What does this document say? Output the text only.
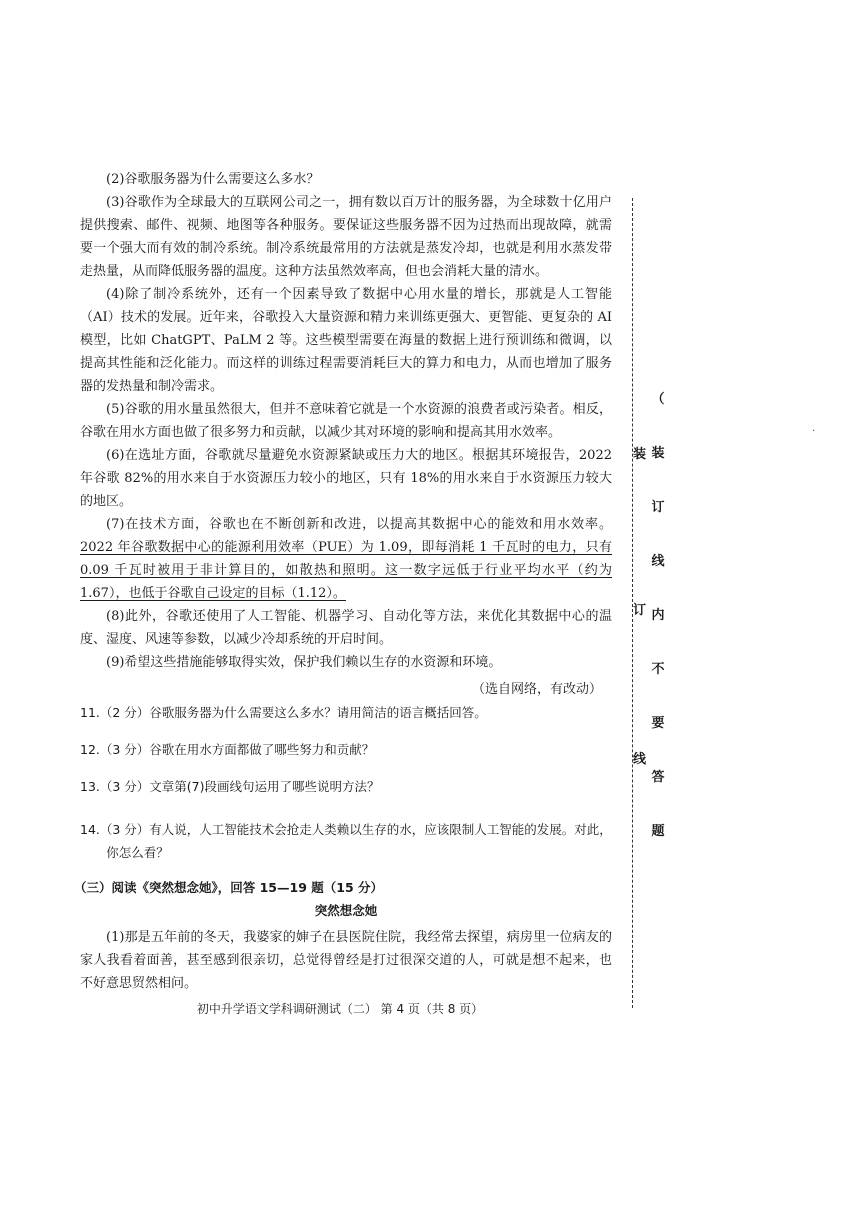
(2)谷歌服务器为什么需要这么多水？

(3)谷歌作为全球最大的互联网公司之一，拥有数以百万计的服务器，为全球数十亿用户提供搜索、邮件、视频、地图等各种服务。要保证这些服务器不因为过热而出现故障，就需要一个强大而有效的制冷系统。制冷系统最常用的方法就是蒸发冷却，也就是利用水蒸发带走热量，从而降低服务器的温度。这种方法虽然效率高，但也会消耗大量的清水。

(4)除了制冷系统外，还有一个因素导致了数据中心用水量的增长，那就是人工智能（AI）技术的发展。近年来，谷歌投入大量资源和精力来训练更强大、更智能、更复杂的 AI 模型，比如 ChatGPT、PaLM 2 等。这些模型需要在海量的数据上进行预训练和微调，以提高其性能和泛化能力。而这样的训练过程需要消耗巨大的算力和电力，从而也增加了服务器的发热量和制冷需求。

(5)谷歌的用水量虽然很大，但并不意味着它就是一个水资源的浪费者或污染者。相反，谷歌在用水方面也做了很多努力和贡献，以减少其对环境的影响和提高其用水效率。

(6)在选址方面，谷歌就尽量避免水资源紧缺或压力大的地区。根据其环境报告，2022 年谷歌 82%的用水来自于水资源压力较小的地区，只有 18%的用水来自于水资源压力较大的地区。

(7)在技术方面，谷歌也在不断创新和改进，以提高其数据中心的能效和用水效率。2022 年谷歌数据中心的能源利用效率（PUE）为 1.09，即每消耗 1 千瓦时的电力，只有 0.09 千瓦时被用于非计算目的，如散热和照明。这一数字远低于行业平均水平（约为 1.67），也低于谷歌自己设定的目标（1.12）。

(8)此外，谷歌还使用了人工智能、机器学习、自动化等方法，来优化其数据中心的温度、湿度、风速等参数，以减少冷却系统的开启时间。

(9)希望这些措施能够取得实效，保护我们赖以生存的水资源和环境。

（选自网络，有改动）

11.（2 分）谷歌服务器为什么需要这么多水？请用简洁的语言概括回答。

12.（3 分）谷歌在用水方面都做了哪些努力和贡献？

13.（3 分）文章第(7)段画线句运用了哪些说明方法？

14.（3 分）有人说，人工智能技术会抢走人类赖以生存的水，应该限制人工智能的发展。对此，你怎么看？

（三）阅读《突然想念她》，回答 15—19 题（15 分）

突然想念她

(1)那是五年前的冬天，我婆家的婶子在县医院住院，我经常去探望，病房里一位病友的家人我看着面善，甚至感到很亲切，总觉得曾经是打过很深交道的人，可就是想不起来，也不好意思贸然相问。

初中升学语文学科调研测试（二） 第 4 页（共 8 页）
（
装
订
线
内
不
要
答
题
装
订
线
·
